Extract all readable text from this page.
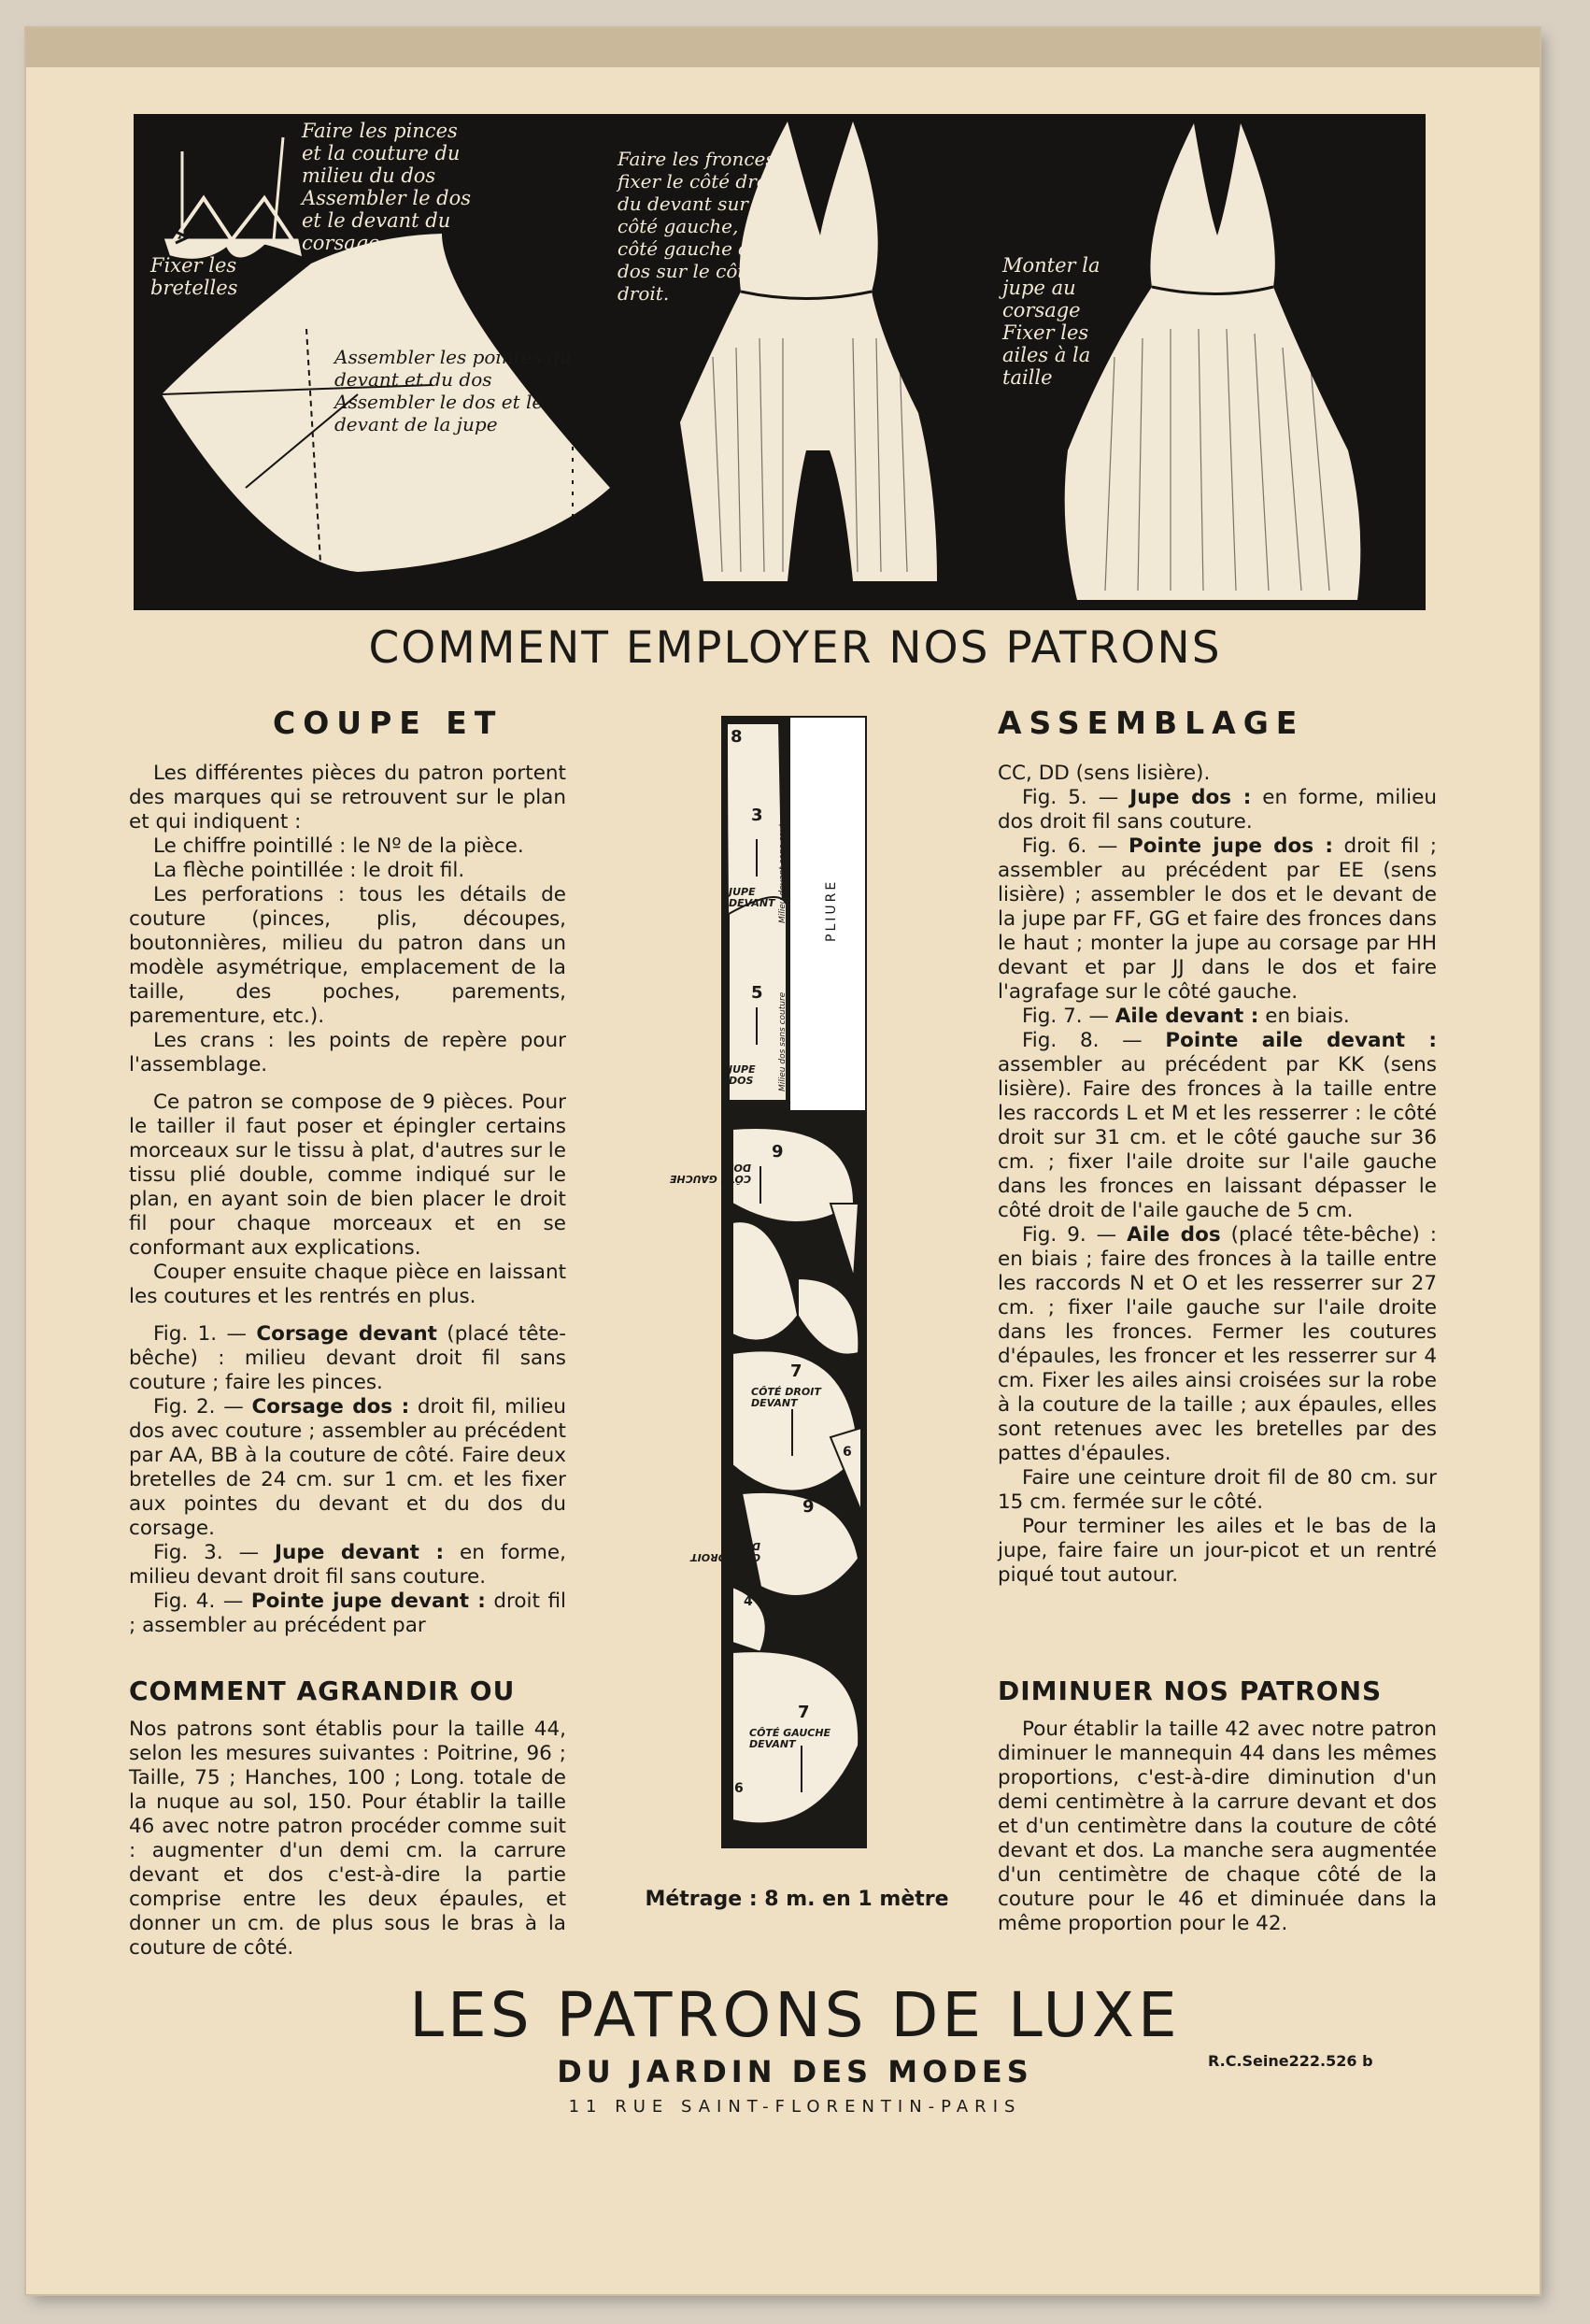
Faire les pinces
et la couture du
milieu du dos
Assembler le dos
et le devant du
corsage
Fixer les
bretelles
Assembler les pointes du
devant et du dos
Assembler le dos et le
devant de la jupe
Faire les fronces,
fixer le côté droit
du devant sur le
côté gauche, et le
côté gauche du
dos sur le côté
droit.
Monter la
jupe au
corsage
Fixer les
ailes à la
taille
COMMENT EMPLOYER NOS PATRONS
COUPE ET	ASSEMBLAGE

Les différentes pièces du patron portent des marques qui se retrouvent sur le plan et qui indiquent :

Le chiffre pointillé : le Nº de la pièce.

La flèche pointillée : le droit fil.

Les perforations : tous les détails de couture (pinces, plis, découpes, boutonnières, milieu du patron dans un modèle asymétrique, emplacement de la taille, des poches, parements, parementure, etc.).

Les crans : les points de repère pour l'assemblage.

Ce patron se compose de 9 pièces. Pour le tailler il faut poser et épingler certains morceaux sur le tissu à plat, d'autres sur le tissu plié double, comme indiqué sur le plan, en ayant soin de bien placer le droit fil pour chaque morceaux et en se conformant aux explications.

Couper ensuite chaque pièce en laissant les coutures et les rentrés en plus.

Fig. 1. — Corsage devant (placé tête-bêche) : milieu devant droit fil sans couture ; faire les pinces.

Fig. 2. — Corsage dos : droit fil, milieu dos avec couture ; assembler au précédent par AA, BB à la couture de côté. Faire deux bretelles de 24 cm. sur 1 cm. et les fixer aux pointes du devant et du dos du corsage.

Fig. 3. — Jupe devant : en forme, milieu devant droit fil sans couture.

Fig. 4. — Pointe jupe devant : droit fil ; assembler au précédent par

COMMENT AGRANDIR OU

Nos patrons sont établis pour la taille 44, selon les mesures suivantes : Poitrine, 96 ; Taille, 75 ; Hanches, 100 ; Long. totale de la nuque au sol, 150. Pour établir la taille 46 avec notre patron procéder comme suit : augmenter d'un demi cm. la carrure devant et dos c'est-à-dire la partie comprise entre les deux épaules, et donner un cm. de plus sous le bras à la couture de côté.

CC, DD (sens lisière).

Fig. 5. — Jupe dos : en forme, milieu dos droit fil sans couture.

Fig. 6. — Pointe jupe dos : droit fil ; assembler au précédent par EE (sens lisière) ; assembler le dos et le devant de la jupe par FF, GG et faire des fronces dans le haut ; monter la jupe au corsage par HH devant et par JJ dans le dos et faire l'agrafage sur le côté gauche.

Fig. 7. — Aile devant : en biais.

Fig. 8. — Pointe aile devant : assembler au précédent par KK (sens lisière). Faire des fronces à la taille entre les raccords L et M et les resserrer : le côté droit sur 31 cm. et le côté gauche sur 36 cm. ; fixer l'aile droite sur l'aile gauche dans les fronces en laissant dépasser le côté droit de l'aile gauche de 5 cm.

Fig. 9. — Aile dos (placé tête-bêche) : en biais ; faire des fronces à la taille entre les raccords N et O et les resserrer sur 27 cm. ; fixer l'aile gauche sur l'aile droite dans les fronces. Fermer les coutures d'épaules, les froncer et les resserrer sur 4 cm. Fixer les ailes ainsi croisées sur la robe à la couture de la taille ; aux épaules, elles sont retenues avec les bretelles par des pattes d'épaules.

Faire une ceinture droit fil de 80 cm. sur 15 cm. fermée sur le côté.

Pour terminer les ailes et le bas de la jupe, faire faire un jour-picot et un rentré piqué tout autour.

DIMINUER NOS PATRONS

Pour établir la taille 42 avec notre patron diminuer le mannequin 44 dans les mêmes proportions, c'est-à-dire diminution d'un demi centimètre à la carrure devant et dos et d'un centimètre dans la couture de côté devant et dos. La manche sera augmentée d'un centimètre de chaque côté de la couture pour le 46 et diminuée dans la même proportion pour le 42.

8
3
5
9
7
9
7
2
6
4
6
1
JUPE DEVANT
JUPE DOS
CÔTÉ GAUCHEDOS
CÔTÉ DROIT DEVANT
CÔTÉ DROITDOS
CÔTÉ GAUCHE DEVANT
PLIURE
Milieu devant sans couture
Milieu dos sans couture
Métrage : 8 m. en 1 mètre
LES PATRONS DE LUXE
DU JARDIN DES MODES
11 RUE SAINT-FLORENTIN-PARIS
R.C.Seine222.526 b
